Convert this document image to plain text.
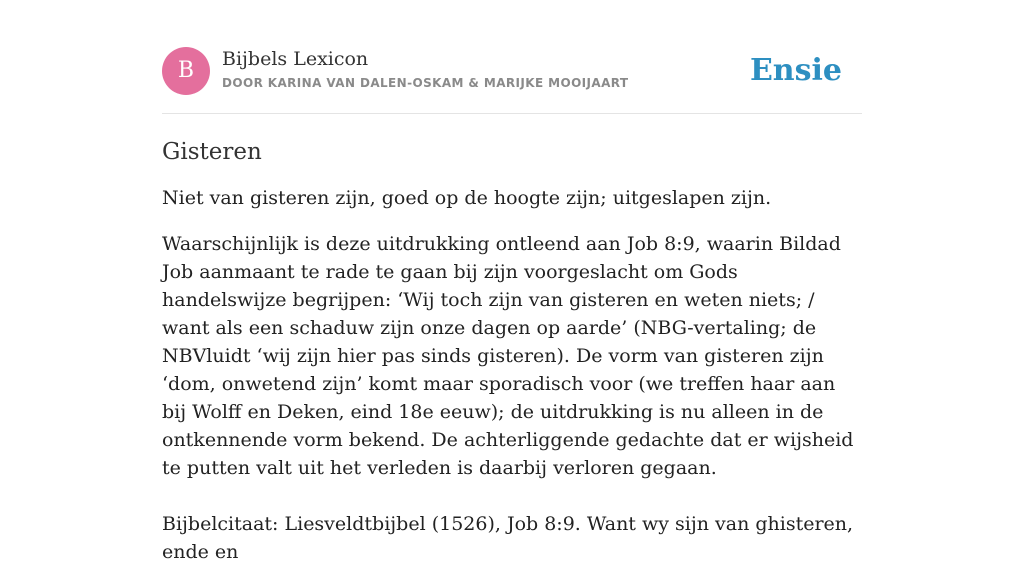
B	Bijbels Lexicon
DOOR KARINA VAN DALEN-OSKAM & MARIJKE MOOIJAART	Ensie
Gisteren

Niet van gisteren zijn, goed op de hoogte zijn; uitgeslapen zijn.

Waarschijnlijk is deze uitdrukking ontleend aan Job 8:9, waarin Bildad Job aanmaant te rade te gaan bij zijn voorgeslacht om Gods handelswijze begrijpen: ‘Wij toch zijn van gisteren en weten niets; / want als een schaduw zijn onze dagen op aarde’ (NBG-vertaling; de NBVluidt ‘wij zijn hier pas sinds gisteren). De vorm van gisteren zijn ‘dom, onwetend zijn’ komt maar sporadisch voor (we treffen haar aan bij Wolff en Deken, eind 18e eeuw); de uitdrukking is nu alleen in de ontkennende vorm bekend. De achterliggende gedachte dat er wijsheid te putten valt uit het verleden is daarbij verloren gegaan.

Bijbelcitaat: Liesveldtbijbel (1526), Job 8:9. Want wy sijn van ghisteren, ende en
